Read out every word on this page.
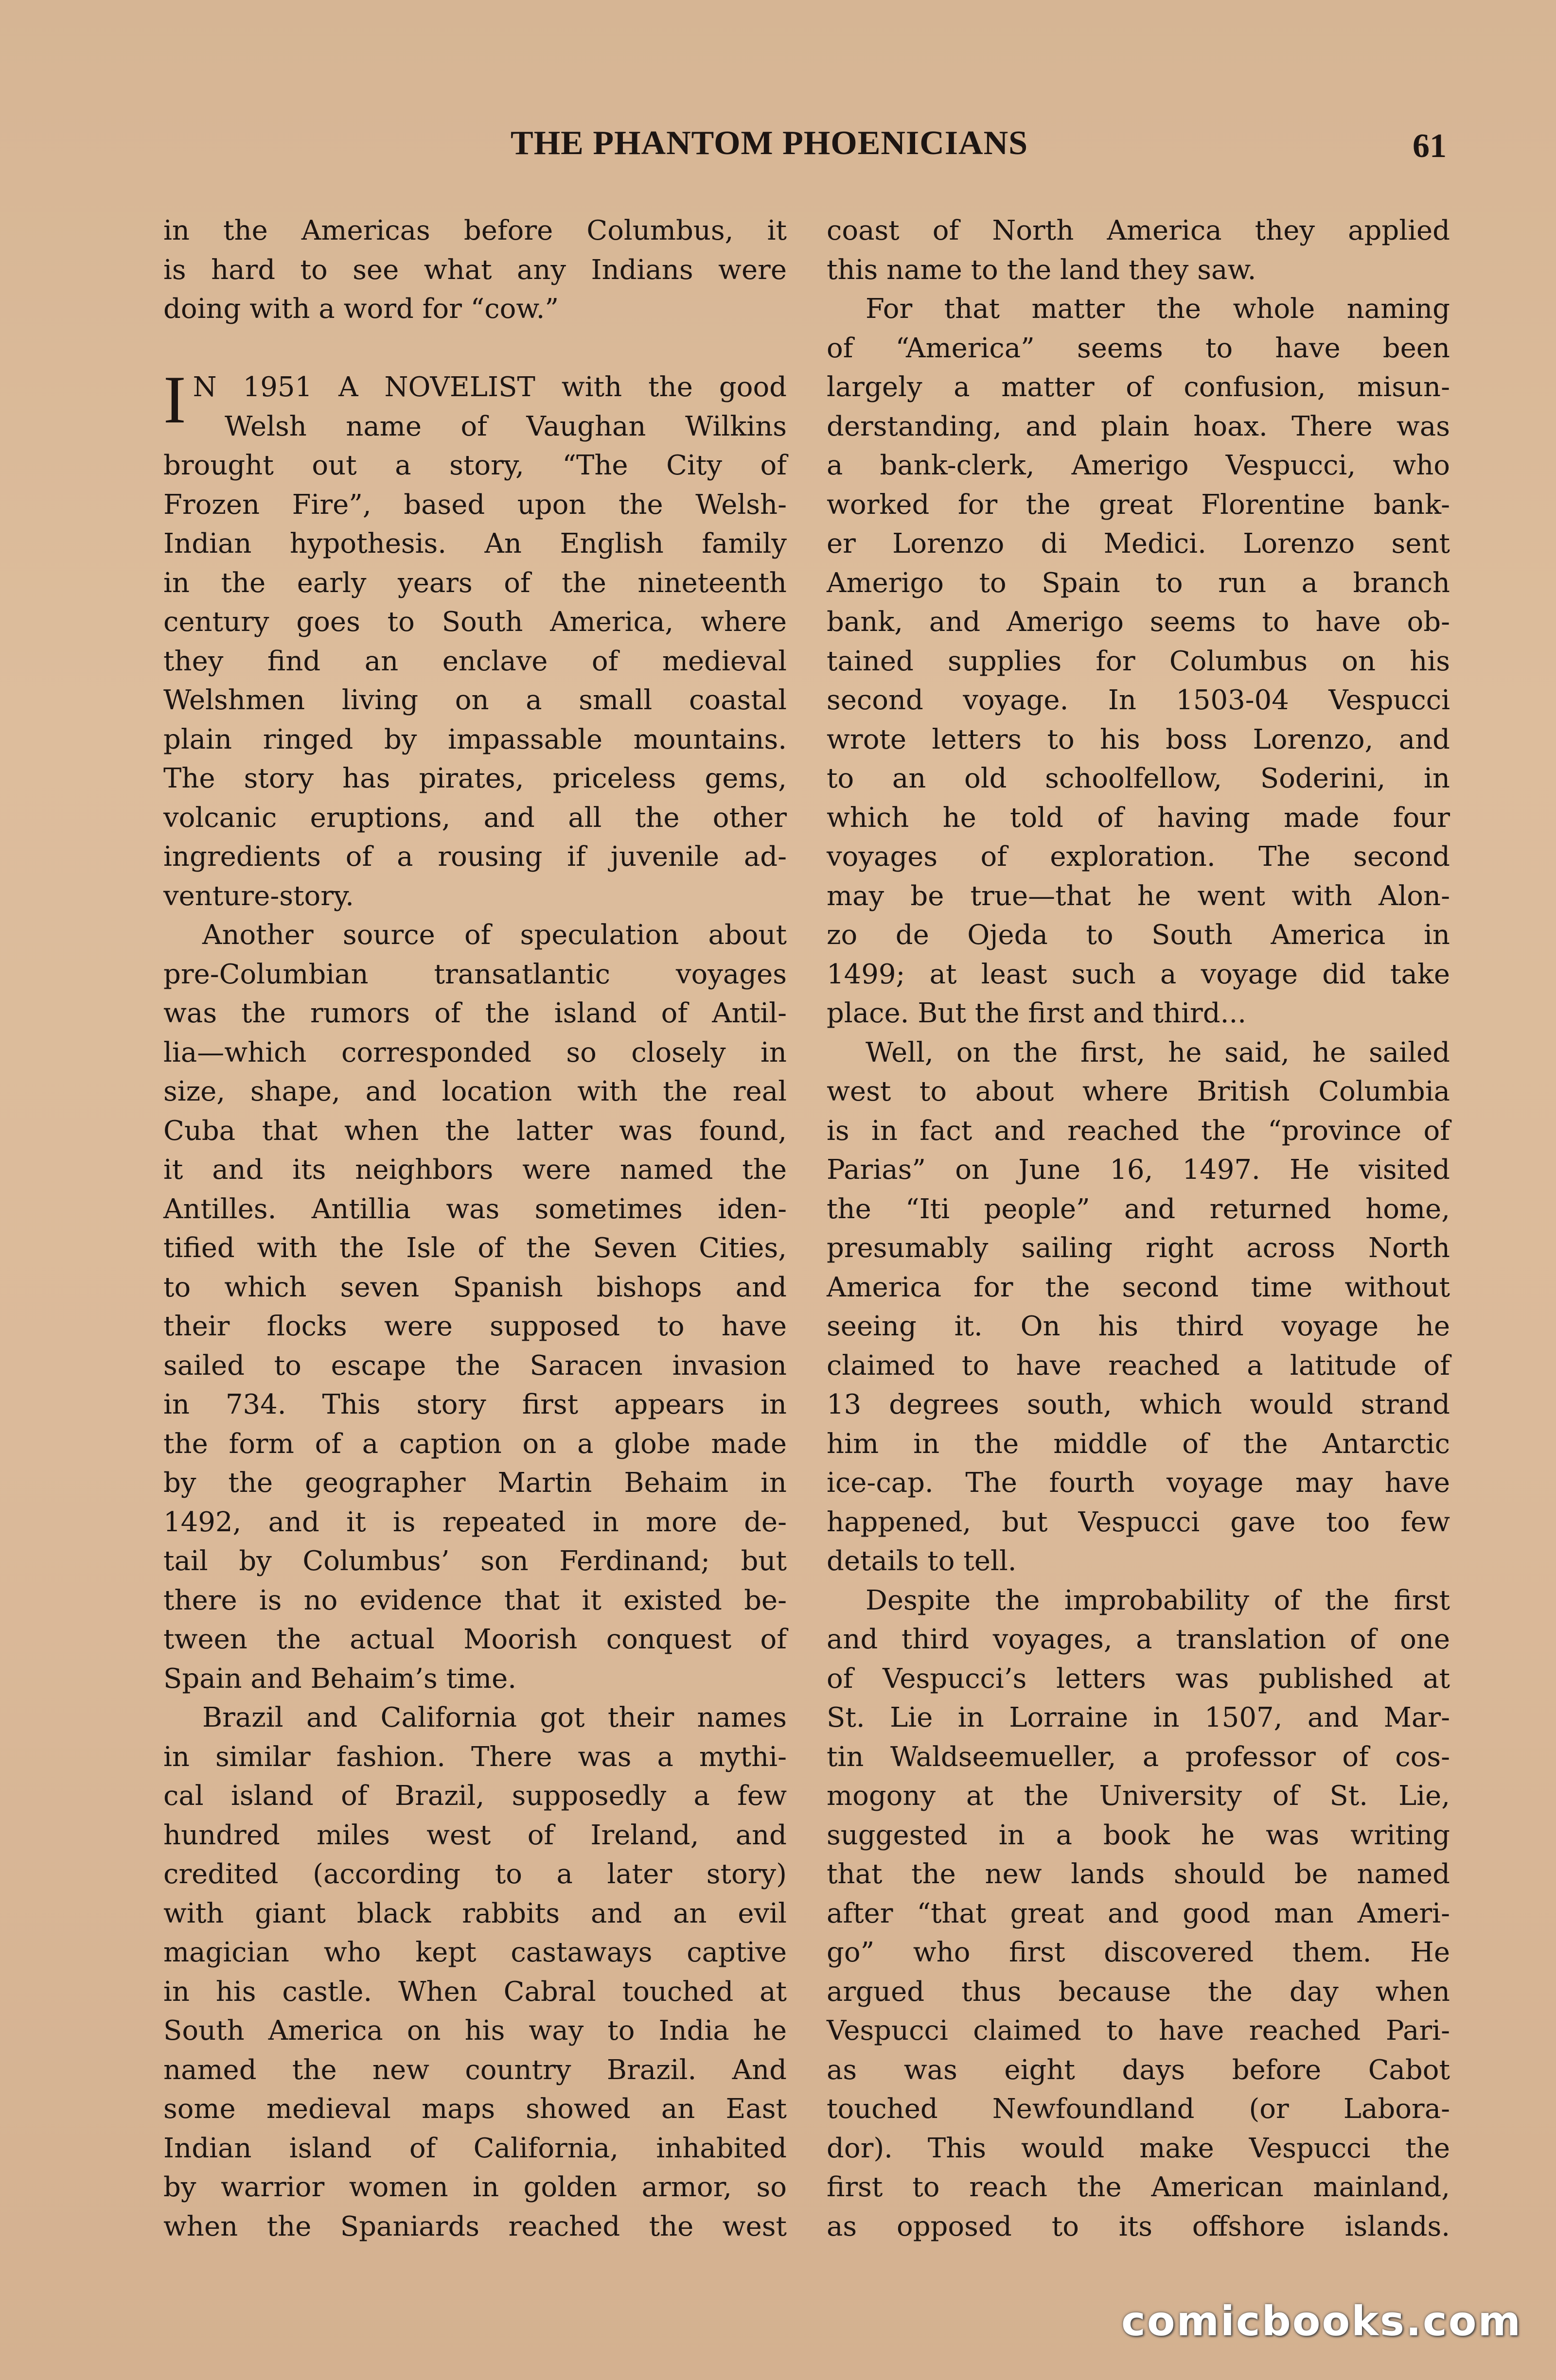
THE PHANTOM PHOENICIANS	61
in the Americas before Columbus, it
is hard to see what any Indians were
doing with a word for “cow.”
I N 1951 A NOVELIST with the good
Welsh name of Vaughan Wilkins
brought out a story, “The City of
Frozen Fire”, based upon the Welsh-
Indian hypothesis. An English family
in the early years of the nineteenth
century goes to South America, where
they find an enclave of medieval
Welshmen living on a small coastal
plain ringed by impassable mountains.
The story has pirates, priceless gems,
volcanic eruptions, and all the other
ingredients of a rousing if juvenile ad-
venture-story.
Another source of speculation about
pre-Columbian transatlantic voyages
was the rumors of the island of Antil-
lia—which corresponded so closely in
size, shape, and location with the real
Cuba that when the latter was found,
it and its neighbors were named the
Antilles. Antillia was sometimes iden-
tified with the Isle of the Seven Cities,
to which seven Spanish bishops and
their flocks were supposed to have
sailed to escape the Saracen invasion
in 734. This story first appears in
the form of a caption on a globe made
by the geographer Martin Behaim in
1492, and it is repeated in more de-
tail by Columbus’ son Ferdinand; but
there is no evidence that it existed be-
tween the actual Moorish conquest of
Spain and Behaim’s time.
Brazil and California got their names
in similar fashion. There was a mythi-
cal island of Brazil, supposedly a few
hundred miles west of Ireland, and
credited (according to a later story)
with giant black rabbits and an evil
magician who kept castaways captive
in his castle. When Cabral touched at
South America on his way to India he
named the new country Brazil. And
some medieval maps showed an East
Indian island of California, inhabited
by warrior women in golden armor, so
when the Spaniards reached the west
coast of North America they applied
this name to the land they saw.
For that matter the whole naming
of “America” seems to have been
largely a matter of confusion, misun-
derstanding, and plain hoax. There was
a bank-clerk, Amerigo Vespucci, who
worked for the great Florentine bank-
er Lorenzo di Medici. Lorenzo sent
Amerigo to Spain to run a branch
bank, and Amerigo seems to have ob-
tained supplies for Columbus on his
second voyage. In 1503-04 Vespucci
wrote letters to his boss Lorenzo, and
to an old schoolfellow, Soderini, in
which he told of having made four
voyages of exploration. The second
may be true—that he went with Alon-
zo de Ojeda to South America in
1499; at least such a voyage did take
place. But the first and third...
Well, on the first, he said, he sailed
west to about where British Columbia
is in fact and reached the “province of
Parias” on June 16, 1497. He visited
the “Iti people” and returned home,
presumably sailing right across North
America for the second time without
seeing it. On his third voyage he
claimed to have reached a latitude of
13 degrees south, which would strand
him in the middle of the Antarctic
ice-cap. The fourth voyage may have
happened, but Vespucci gave too few
details to tell.
Despite the improbability of the first
and third voyages, a translation of one
of Vespucci’s letters was published at
St. Lie in Lorraine in 1507, and Mar-
tin Waldseemueller, a professor of cos-
mogony at the University of St. Lie,
suggested in a book he was writing
that the new lands should be named
after “that great and good man Ameri-
go” who first discovered them. He
argued thus because the day when
Vespucci claimed to have reached Pari-
as was eight days before Cabot
touched Newfoundland (or Labora-
dor). This would make Vespucci the
first to reach the American mainland,
as opposed to its offshore islands.
comicbooks.com
